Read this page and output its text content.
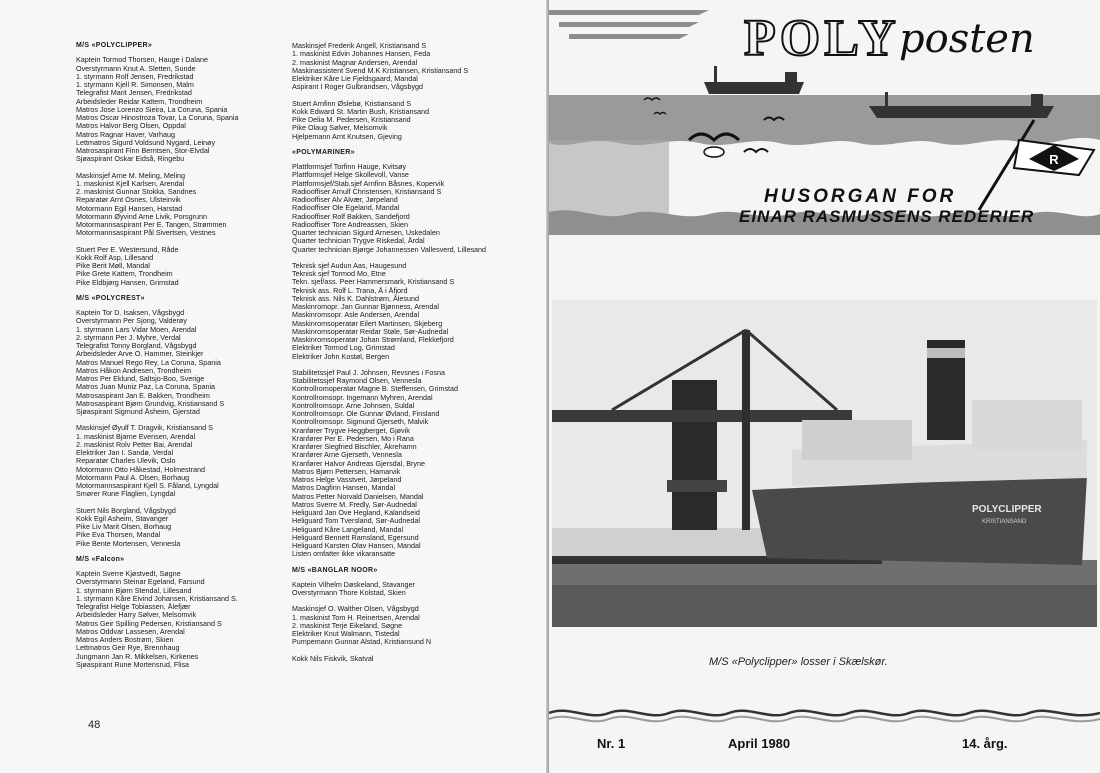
M/S «POLYCLIPPER»
Kaptein Tormod Thorsen, Hauge i Dalane
Overstyrmann Knut A. Sletten, Sunde
1. styrmann Rolf Jensen, Fredrikstad
1. styrmann Kjell R. Simonsen, Malm
Telegrafist Marit Jensen, Fredrikstad
Arbeidsleder Reidar Kattem, Trondheim
Matros Jose Lorenzo Sieira, La Coruna, Spania
Matros Oscar Hinostroza Tovar, La Coruna, Spania
Matros Halvor Berg Olsen, Oppdal
Matros Ragnar Haver, Varhaug
Lettmatros Sigurd Voldsund Nygard, Leinøy
Matrosaspirant Finn Berntsen, Stor-Elvdal
Sjøaspirant Oskar Eidså, Ringebu
Maskinsjef Arne M. Meling, Meling
1. maskinist Kjell Karlsen, Arendal
2. maskinist Gunnar Stokka, Sandnes
Reparatør Arnt Osnes, Ulsteinvik
Motormann Egil Hansen, Harstad
Motormann Øyvind Arne Livik, Porsgrunn
Motormannsaspirant Per E. Tangen, Strømmen
Motormannsaspirant Pål Sivertsen, Vestnes
Stuert Per E. Westersund, Råde
Kokk Rolf Asp, Lillesand
Pike Berit Møll, Mandal
Pike Grete Kattem, Trondheim
Pike Eldbjørg Hansen, Grimstad
M/S «POLYCREST»
Kaptein Tor D. Isaksen, Vågsbygd
Overstyrmann Per Sjong, Valderøy
1. styrmann Lars Vidar Moen, Arendal
2. styrmann Per J. Myhre, Verdal
Telegrafist Tonny Borgland, Vågsbygd
Arbeidsleder Arve O. Hammer, Steinkjer
Matros Manuel Rego Rey, La Coruna, Spania
Matros Håkon Andresen, Trondheim
Matros Per Eklund, Saltsjo-Boo, Sverige
Matros Juan Muniz Paz, La Coruna, Spania
Matrosaspirant Jan E. Bakken, Trondheim
Matrosaspirant Bjørn Grundvig, Kristiansand S
Sjøaspirant Sigmund Åsheim, Gjerstad
Maskinsjef Øyulf T. Dragvik, Kristiansand S
1. maskinist Bjarne Evensen, Arendal
2. maskinist Rolv Petter Bai, Arendal
Elektriker Jan I. Sandø, Verdal
Reparatør Charles Ulevik, Oslo
Motormann Otto Håkestad, Holmestrand
Motormann Paul A. Olsen, Borhaug
Motormannsaspirant Kjell S. Fåland, Lyngdal
Smører Rune Flaglien, Lyngdal
Stuert Nils Borgland, Vågsbygd
Kokk Egil Asheim, Stavanger
Pike Liv Marit Olsen, Borhaug
Pike Eva Thorsen, Mandal
Pike Bente Mortensen, Vennesla
M/S «Falcon»
Kaptein Sverre Kjøstvedt, Søgne
Overstyrmann Steinar Egeland, Farsund
1. styrmann Bjørn Stendal, Lillesand
1. styrmann Kåre Eivind Johansen, Kristiansand S.
Telegrafist Helge Tobiassen, Ålefjær
Arbeidsleder Harry Sølver, Melsomvik
Matros Geir Spilling Pedersen, Kristiansand S
Matros Oddvar Lassesen, Arendal
Matros Anders Bostrøm, Skien
Lettmatros Geir Rye, Brennhaug
Jungmann Jan R. Mikkelsen, Kirkenes
Sjøaspirant Rune Mortensrud, Flisa
Maskinsjef Frederik Angell, Kristiansand S
1. maskinist Edvin Johannes Hansen, Feda
2. maskinist Magnar Andersen, Arendal
Maskinassistent Svend M.K Kristiansen, Kristiansand S
Elektriker Kåre Lie Fjeldsgaard, Mandal
Aspirant I Roger Gulbrandsen, Vågsbygd
Stuert Arnfinn Øslebø, Kristiansand S
Kokk Edward St. Martin Bush, Kristiansand
Pike Delia M. Pedersen, Kristiansand
Pike Olaug Sølver, Melsomvik
Hjelpemann Arnt Knutsen, Gjeving
«POLYMARINER»
Plattformsjef Torfinn Hauge, Kvitsøy
Plattformsjef Helge Skollevoll, Vanse
Plattformsjef/Stab.sjef Arnfinn Båsnes, Kopervik
Radiooffiser Arnulf Christensen, Kristiansand S
Radiooffiser Alv Alvær, Jørpeland
Radiooffiser Ole Egeland, Mandal
Radiooffiser Rolf Bakken, Sandefjord
Radiooffiser Tore Andreassen, Skien
Quarter technician Sigurd Arnesen, Uskedalen
Quarter technician Trygve Riskedal, Årdal
Quarter technician Bjørge Johannessen Vallesverd, Lillesand
Teknisk sjef Audun Aas, Haugesund
Teknisk sjef Tormod Mo, Etne
Tekn. sjef/ass. Peer Hammersmark, Kristiansand S
Teknisk ass. Rolf L. Trana, Å i Åfjord
Teknisk ass. Nils K. Dahlstrøm, Ålesund
Maskinromopr. Jan Gunnar Bjønness, Arendal
Maskinromsopr. Asle Andersen, Arendal
Maskinromsoperatør Eilert Martinsen, Skjeberg
Maskinromsoperatør Reidar Støle, Sør-Audnedal
Maskinromsoperatør Johan Strømland, Flekkefjord
Elektriker Tormod Log, Grimstad
Elektriker John Kostøl, Bergen
Stabilitetssjef Paul J. Johnsen, Revsnes i Fosna
Stabilitetssjef Raymond Olsen, Vennesla
Kontrollromoperatør Magne B. Steffensen, Grimstad
Kontrollromsopr. Ingemann Myhren, Arendal
Kontrollromsopr. Arne Johnsen, Suldal
Kontrollromsopr. Ole Gunnar Øvland, Finsland
Kontrollromsopr. Sigmund Gjerseth, Malvik
Kranfører Trygve Heggberget, Gjøvik
Kranfører Per E. Pedersen, Mo i Rana
Kranfører Siegfried Bischler, Åkrehamn
Kranfører Arne Gjerseth, Vennesla
Kranfører Halvor Andreas Gjersdal, Bryne
Matros Bjørn Pettersen, Hamarvik
Matros Helge Vasstveit, Jørpeland
Matros Dagfinn Hansen, Mandal
Matros Petter Norvald Danielsen, Mandal
Matros Sverre M. Fredly, Sør-Audnedal
Heliguard Jan Ove Hegland, Kalandseid
Heliguard Tom Tversland, Sør-Audnedal
Heliguard Kåre Langeland, Mandal
Heliguard Bennett Ramsland, Egersund
Heliguard Karsten Olav Hansen, Mandal
Listen omfatter ikke vikaransatte
M/S «BANGLAR NOOR»
Kaptein Vilhelm Døskeland, Stavanger
Overstyrmann Thore Kolstad, Skien
Maskinsjef O. Walther Olsen, Vågsbygd
1. maskinist Tom H. Reinertsen, Arendal
2. maskinist Terje Eikeland, Søgne
Elektriker Knut Walmann, Tistedal
Pumpemann Gunnar Alstad, Kristiansund N
Kokk Nils Fiskvik, Skatval
48
R
POLY posten
HUSORGAN FOR
EINAR RASMUSSENS REDERIER
POLYCLIPPER
KRISTIANSAND
M/S «Polyclipper» losser i Skælskør.
Nr. 1	April 1980	14. årg.
